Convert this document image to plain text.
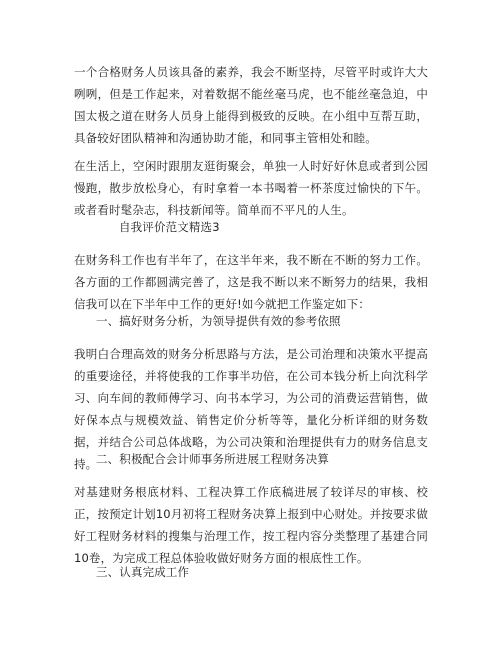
一个合格财务人员该具备的素养，我会不断坚持，尽管平时或许大大咧咧，但是工作起来，对着数据不能丝毫马虎，也不能丝毫急迫，中国太极之道在财务人员身上能得到极致的反映。在小组中互帮互助，具备较好团队精神和沟通协助才能，和同事主管相处和睦。

在生活上，空闲时跟朋友逛街聚会，单独一人时好好休息或者到公园慢跑，散步放松身心，有时拿着一本书喝着一杯茶度过愉快的下午。或者看时髦杂志，科技新闻等。简单而不平凡的人生。

自我评价范文精选3

在财务科工作也有半年了，在这半年来，我不断在不断的努力工作。各方面的工作都圆满完善了，这是我不断以来不断努力的结果，我相信我可以在下半年中工作的更好!如今就把工作鉴定如下：

一、搞好财务分析，为领导提供有效的参考依照

我明白合理高效的财务分析思路与方法，是公司治理和决策水平提高的重要途径，并将使我的工作事半功倍，在公司本钱分析上向沈科学习、向车间的教师傅学习、向书本学习，为公司的消费运营销售，做好保本点与规模效益、销售定价分析等等，量化分析详细的财务数据，并结合公司总体战略，为公司决策和治理提供有力的财务信息支持。

二、积极配合会计师事务所进展工程财务决算

对基建财务根底材料、工程决算工作底稿进展了较详尽的审核、校正，按预定计划10月初将工程财务决算上报到中心财处。并按要求做好工程财务材料的搜集与治理工作，按工程内容分类整理了基建合同10卷，为完成工程总体验收做好财务方面的根底性工作。

三、认真完成工作
